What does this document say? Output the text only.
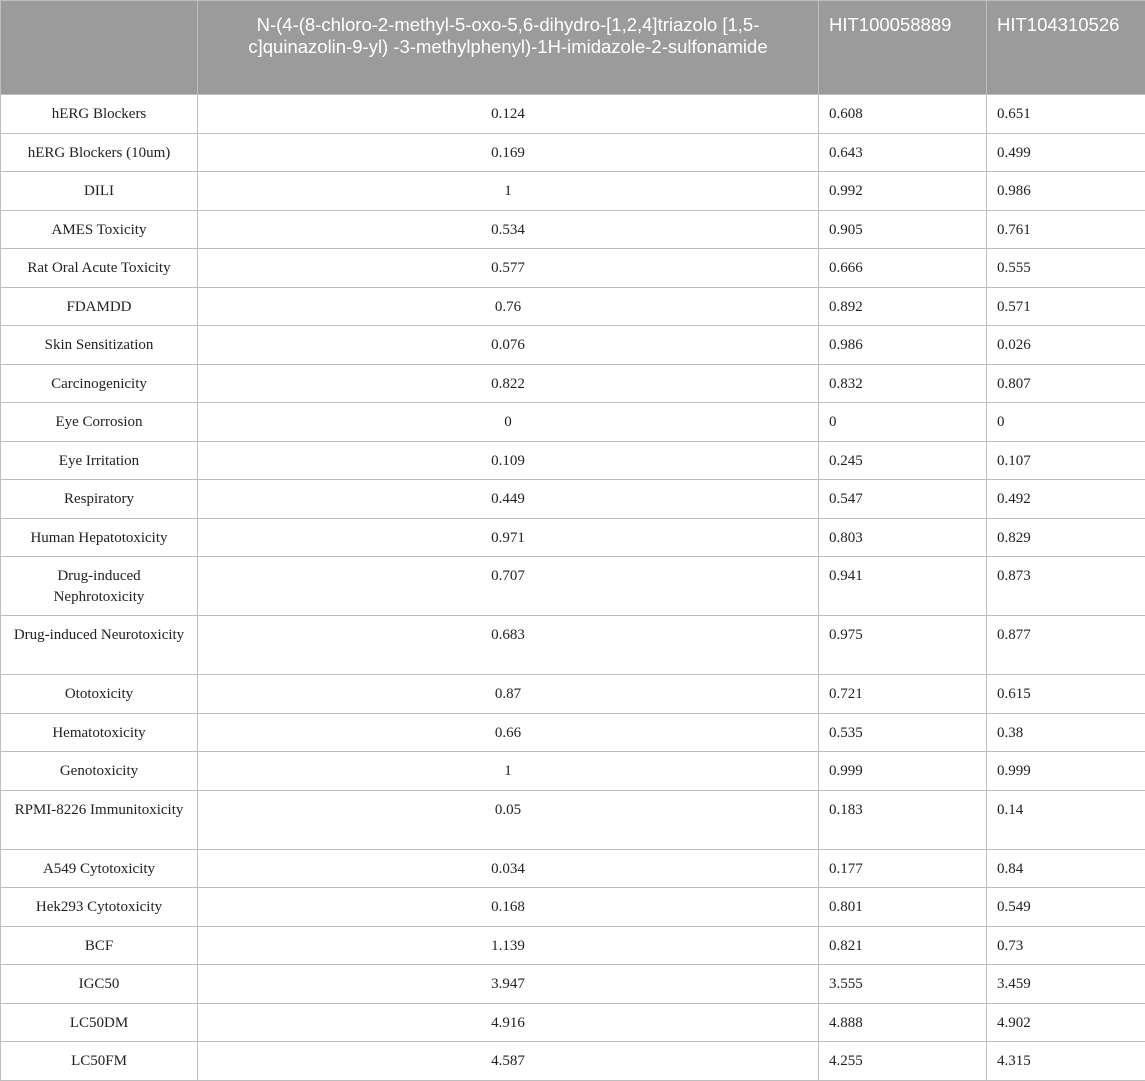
	N-(4-(8-chloro-2-methyl-5-oxo-5,6-dihydro-[1,2,4]triazolo [1,5-c]quinazolin-9-yl) -3-methylphenyl)-1H-imidazole-2-sulfonamide	HIT100058889	HIT104310526
hERG Blockers	0.124	0.608	0.651
hERG Blockers (10um)	0.169	0.643	0.499
DILI	1	0.992	0.986
AMES Toxicity	0.534	0.905	0.761
Rat Oral Acute Toxicity	0.577	0.666	0.555
FDAMDD	0.76	0.892	0.571
Skin Sensitization	0.076	0.986	0.026
Carcinogenicity	0.822	0.832	0.807
Eye Corrosion	0	0	0
Eye Irritation	0.109	0.245	0.107
Respiratory	0.449	0.547	0.492
Human Hepatotoxicity	0.971	0.803	0.829
Drug-induced Nephrotoxicity	0.707	0.941	0.873
Drug-induced Neurotoxicity	0.683	0.975	0.877
Ototoxicity	0.87	0.721	0.615
Hematotoxicity	0.66	0.535	0.38
Genotoxicity	1	0.999	0.999
RPMI-8226 Immunitoxicity	0.05	0.183	0.14
A549 Cytotoxicity	0.034	0.177	0.84
Hek293 Cytotoxicity	0.168	0.801	0.549
BCF	1.139	0.821	0.73
IGC50	3.947	3.555	3.459
LC50DM	4.916	4.888	4.902
LC50FM	4.587	4.255	4.315
